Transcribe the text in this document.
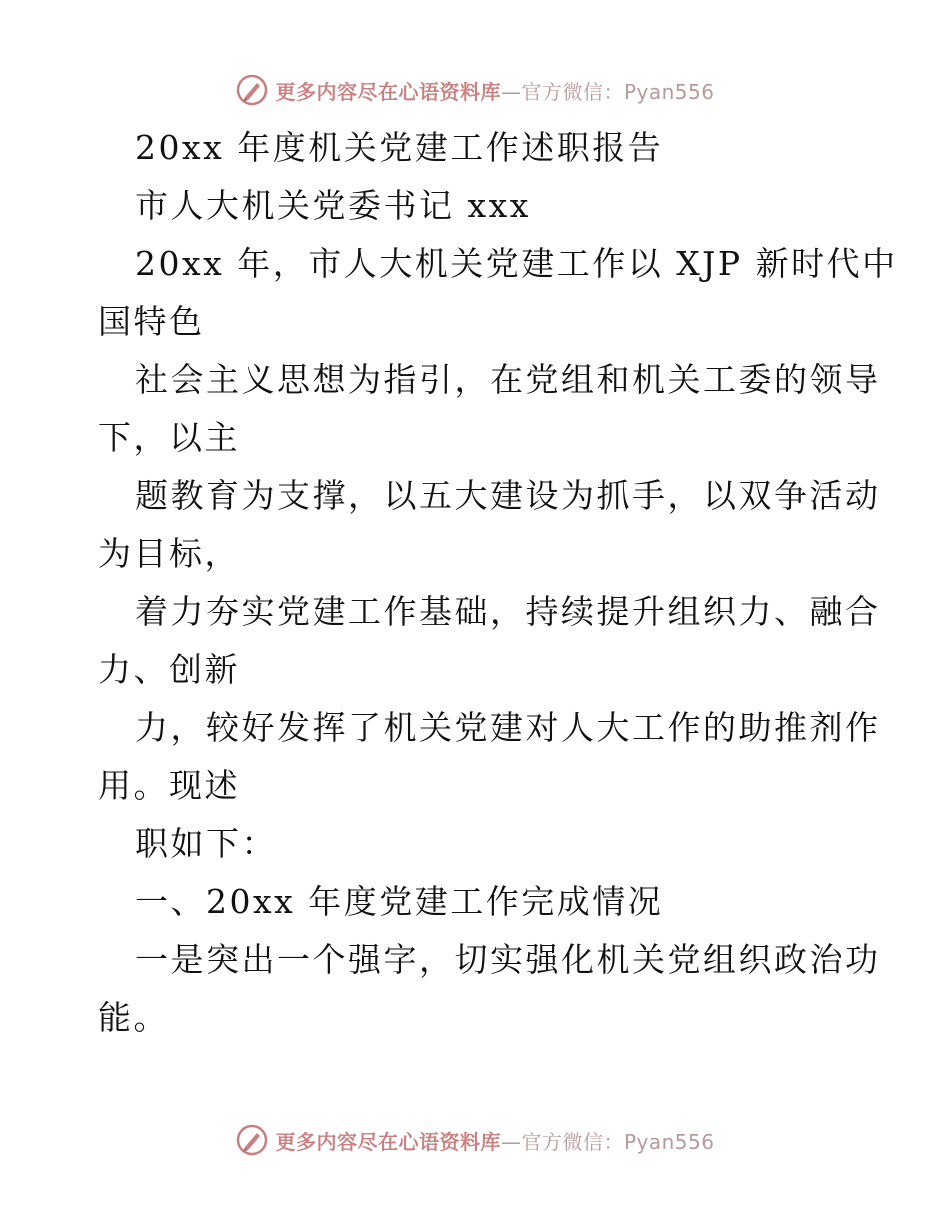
更多内容尽在心语资料库 —官方微信：Pyan556
20xx 年度机关党建工作述职报告
市人大机关党委书记 xxx
20xx 年，市人大机关党建工作以 XJP 新时代中
国特色
社会主义思想为指引，在党组和机关工委的领导
下，以主
题教育为支撑，以五大建设为抓手，以双争活动
为目标，
着力夯实党建工作基础，持续提升组织力、融合
力、创新
力，较好发挥了机关党建对人大工作的助推剂作
用。现述
职如下：
一、20xx 年度党建工作完成情况
一是突出一个强字，切实强化机关党组织政治功
能。
更多内容尽在心语资料库 —官方微信：Pyan556
